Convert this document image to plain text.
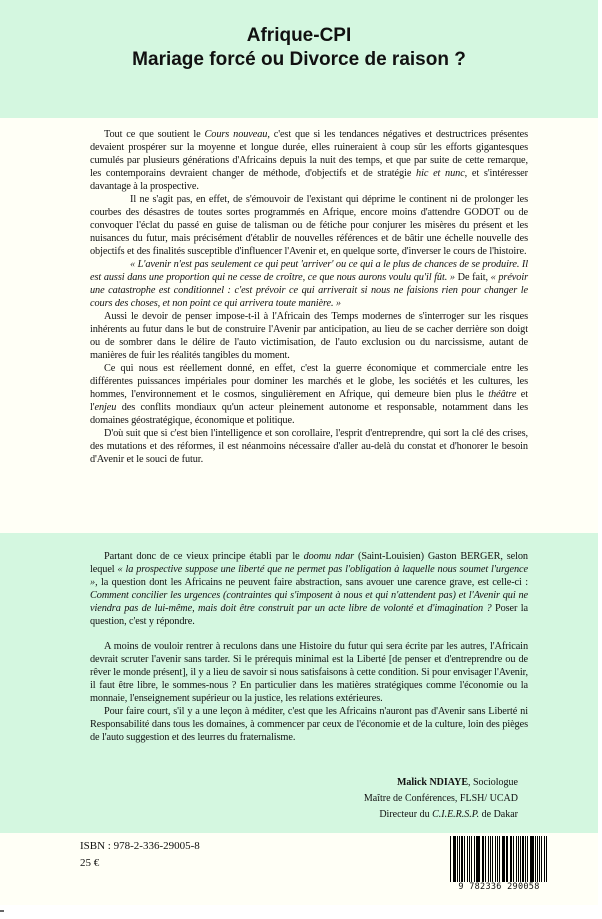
Afrique-CPI
Mariage forcé ou Divorce de raison ?

Tout ce que soutient le Cours nouveau, c'est que si les tendances négatives et destructrices présentes devaient prospérer sur la moyenne et longue durée, elles ruineraient à coup sûr les efforts gigantesques cumulés par plusieurs générations d'Africains depuis la nuit des temps, et que par suite de cette remarque, les contemporains devraient changer de méthode, d'objectifs et de stratégie hic et nunc, et s'intéresser davantage à la prospective.

Il ne s'agit pas, en effet, de s'émouvoir de l'existant qui déprime le continent ni de prolonger les courbes des désastres de toutes sortes programmés en Afrique, encore moins d'attendre GODOT ou de convoquer l'éclat du passé en guise de talisman ou de fétiche pour conjurer les misères du présent et les nuisances du futur, mais précisément d'établir de nouvelles références et de bâtir une échelle nouvelle des objectifs et des finalités susceptible d'influencer l'Avenir et, en quelque sorte, d'inverser le cours de l'histoire.

« L'avenir n'est pas seulement ce qui peut 'arriver' ou ce qui a le plus de chances de se produire. Il est aussi dans une proportion qui ne cesse de croître, ce que nous aurons voulu qu'il fût. » De fait, « prévoir une catastrophe est conditionnel : c'est prévoir ce qui arriverait si nous ne faisions rien pour changer le cours des choses, et non point ce qui arrivera toute manière. »

Aussi le devoir de penser impose-t-il à l'Africain des Temps modernes de s'interroger sur les risques inhérents au futur dans le but de construire l'Avenir par anticipation, au lieu de se cacher derrière son doigt ou de sombrer dans le délire de l'auto victimisation, de l'auto exclusion ou du narcissisme, autant de manières de fuir les réalités tangibles du moment.

Ce qui nous est réellement donné, en effet, c'est la guerre économique et commerciale entre les différentes puissances impériales pour dominer les marchés et le globe, les sociétés et les cultures, les hommes, l'environnement et le cosmos, singulièrement en Afrique, qui demeure bien plus le théâtre et l'enjeu des conflits mondiaux qu'un acteur pleinement autonome et responsable, notamment dans les domaines géostratégique, économique et politique.

D'où suit que si c'est bien l'intelligence et son corollaire, l'esprit d'entreprendre, qui sort la clé des crises, des mutations et des réformes, il est néanmoins nécessaire d'aller au-delà du constat et d'honorer le besoin d'Avenir et le souci de futur.

Partant donc de ce vieux principe établi par le doomu ndar (Saint-Louisien) Gaston BERGER, selon lequel « la prospective suppose une liberté que ne permet pas l'obligation à laquelle nous soumet l'urgence », la question dont les Africains ne peuvent faire abstraction, sans avouer une carence grave, est celle-ci : Comment concilier les urgences (contraintes qui s'imposent à nous et qui n'attendent pas) et l'Avenir qui ne viendra pas de lui-même, mais doit être construit par un acte libre de volonté et d'imagination ? Poser la question, c'est y répondre.

A moins de vouloir rentrer à reculons dans une Histoire du futur qui sera écrite par les autres, l'Africain devrait scruter l'avenir sans tarder. Si le prérequis minimal est la Liberté [de penser et d'entreprendre ou de rêver le monde présent], il y a lieu de savoir si nous satisfaisons à cette condition. Si pour envisager l'Avenir, il faut être libre, le sommes-nous ? En particulier dans les matières stratégiques comme l'économie ou la monnaie, l'enseignement supérieur ou la justice, les relations extérieures.

Pour faire court, s'il y a une leçon à méditer, c'est que les Africains n'auront pas d'Avenir sans Liberté ni Responsabilité dans tous les domaines, à commencer par ceux de l'économie et de la culture, loin des pièges de l'auto suggestion et des leurres du fraternalisme.

Malick NDIAYE, Sociologue
Maître de Conférences, FLSH/ UCAD
Directeur du C.I.E.R.S.P. de Dakar
ISBN : 978-2-336-29005-8
25 €
9 782336 290058
